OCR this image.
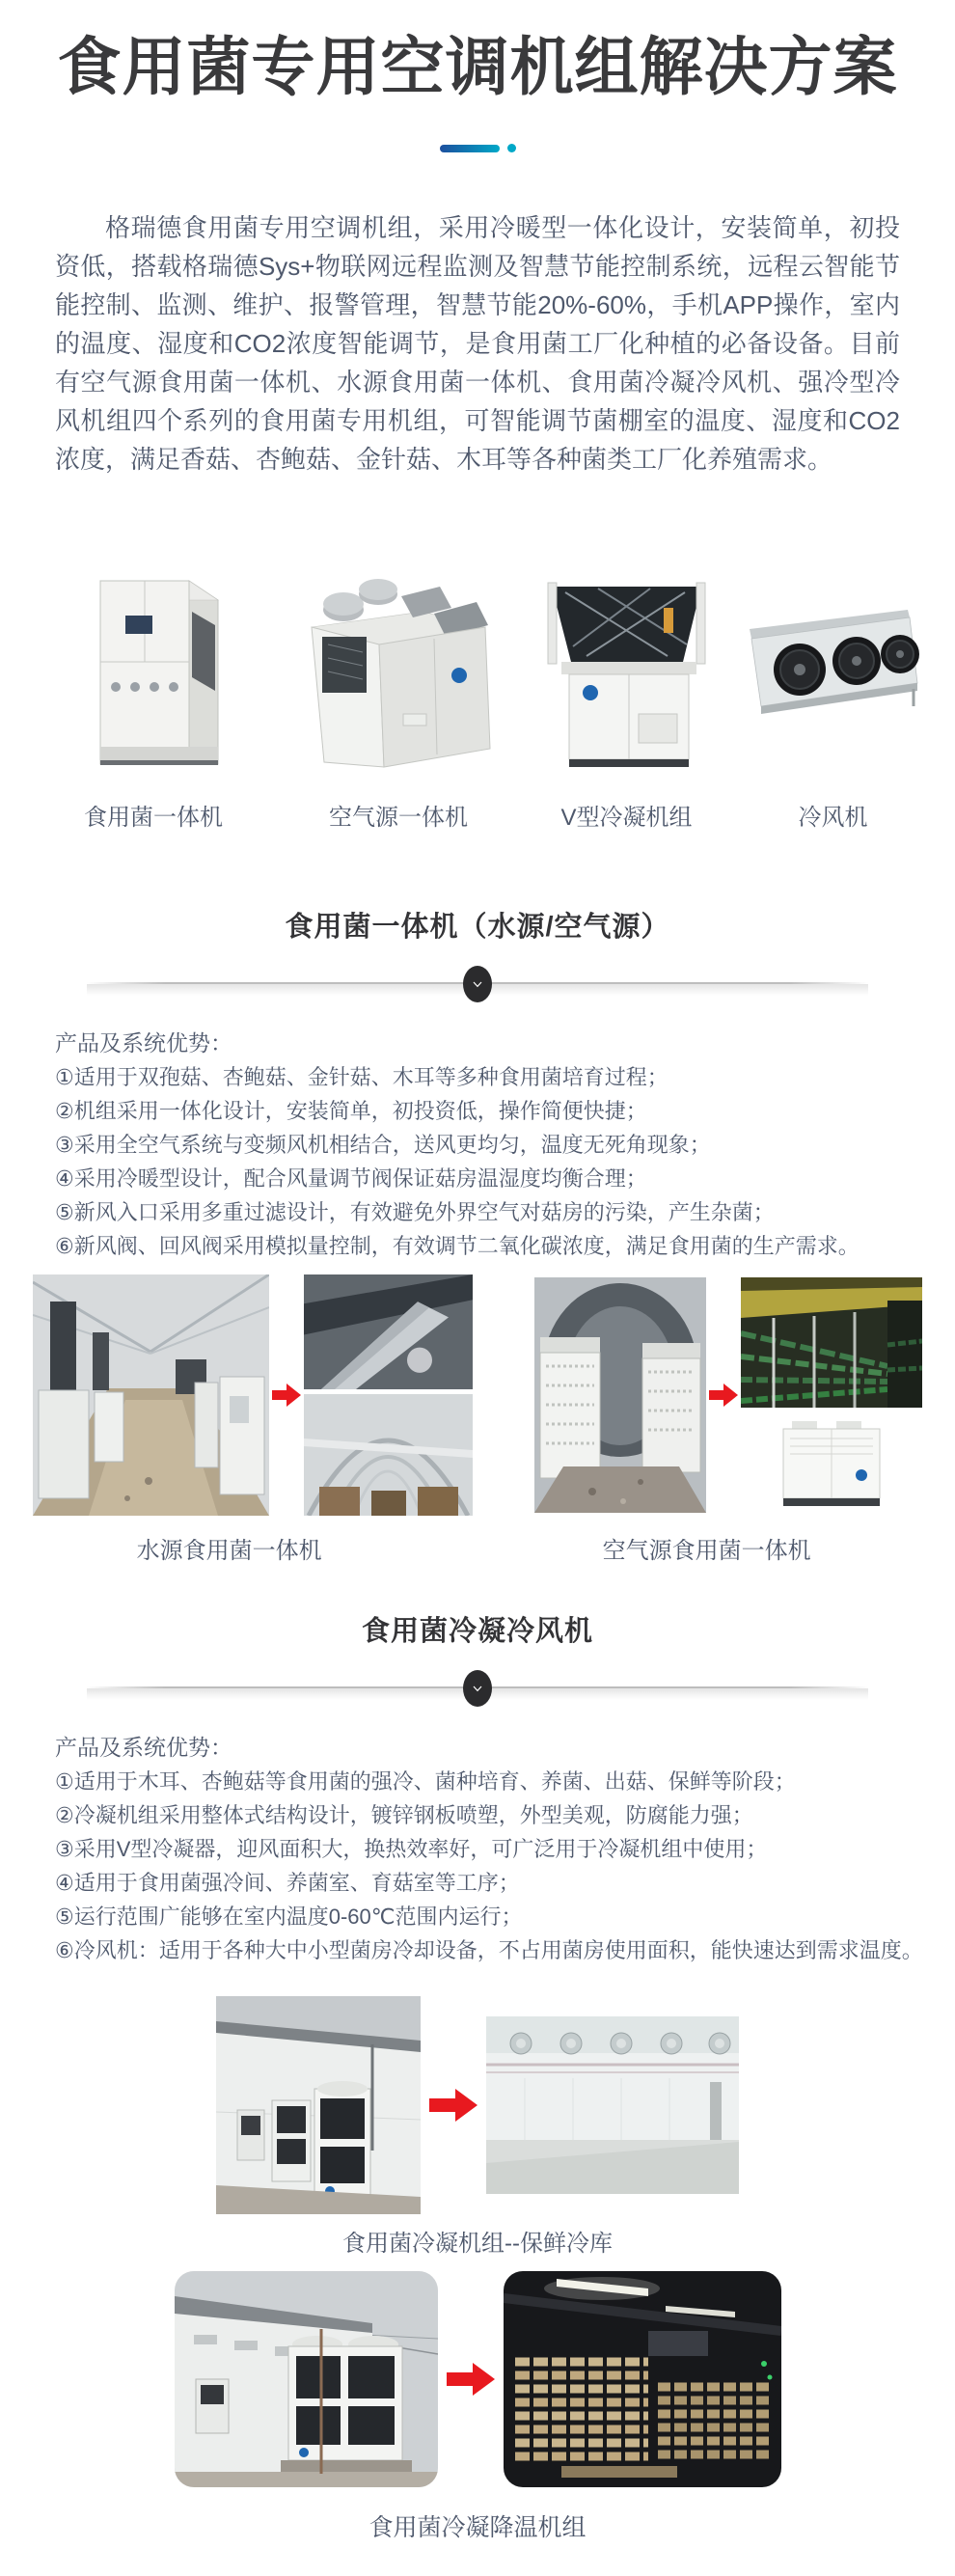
食用菌专用空调机组解决方案

格瑞德食用菌专用空调机组，采用冷暖型一体化设计，安装简单，初投资低，搭载格瑞德Sys+物联网远程监测及智慧节能控制系统，远程云智能节能控制、监测、维护、报警管理，智慧节能20%-60%，手机APP操作，室内的温度、湿度和CO2浓度智能调节，是食用菌工厂化种植的必备设备。目前有空气源食用菌一体机、水源食用菌一体机、食用菌冷凝冷风机、强冷型冷风机组四个系列的食用菌专用机组，可智能调节菌棚室的温度、湿度和CO2浓度，满足香菇、杏鲍菇、金针菇、木耳等各种菌类工厂化养殖需求。

食用菌一体机	空气源一体机	V型冷凝机组	冷风机
食用菌一体机（水源/空气源）
产品及系统优势：
①适用于双孢菇、杏鲍菇、金针菇、木耳等多种食用菌培育过程；
②机组采用一体化设计，安装简单，初投资低，操作简便快捷；
③采用全空气系统与变频风机相结合，送风更均匀，温度无死角现象；
④采用冷暖型设计，配合风量调节阀保证菇房温湿度均衡合理；
⑤新风入口采用多重过滤设计，有效避免外界空气对菇房的污染，产生杂菌；
⑥新风阀、回风阀采用模拟量控制，有效调节二氧化碳浓度，满足食用菌的生产需求。
水源食用菌一体机	空气源食用菌一体机
食用菌冷凝冷风机
产品及系统优势：
①适用于木耳、杏鲍菇等食用菌的强冷、菌种培育、养菌、出菇、保鲜等阶段；
②冷凝机组采用整体式结构设计，镀锌钢板喷塑，外型美观，防腐能力强；
③采用V型冷凝器，迎风面积大，换热效率好，可广泛用于冷凝机组中使用；
④适用于食用菌强冷间、养菌室、育菇室等工序；
⑤运行范围广能够在室内温度0-60℃范围内运行；
⑥冷风机：适用于各种大中小型菌房冷却设备，不占用菌房使用面积，能快速达到需求温度。
食用菌冷凝机组--保鲜冷库
食用菌冷凝降温机组
